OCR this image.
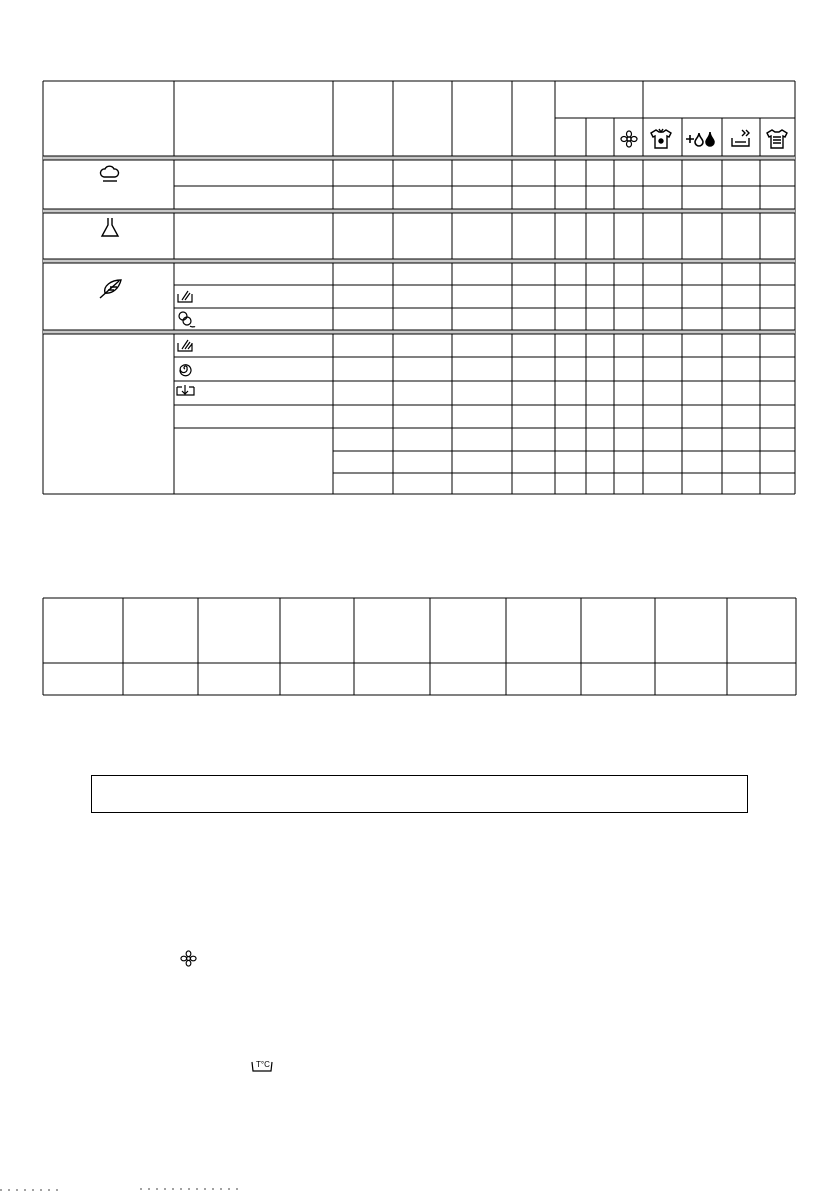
T°C
